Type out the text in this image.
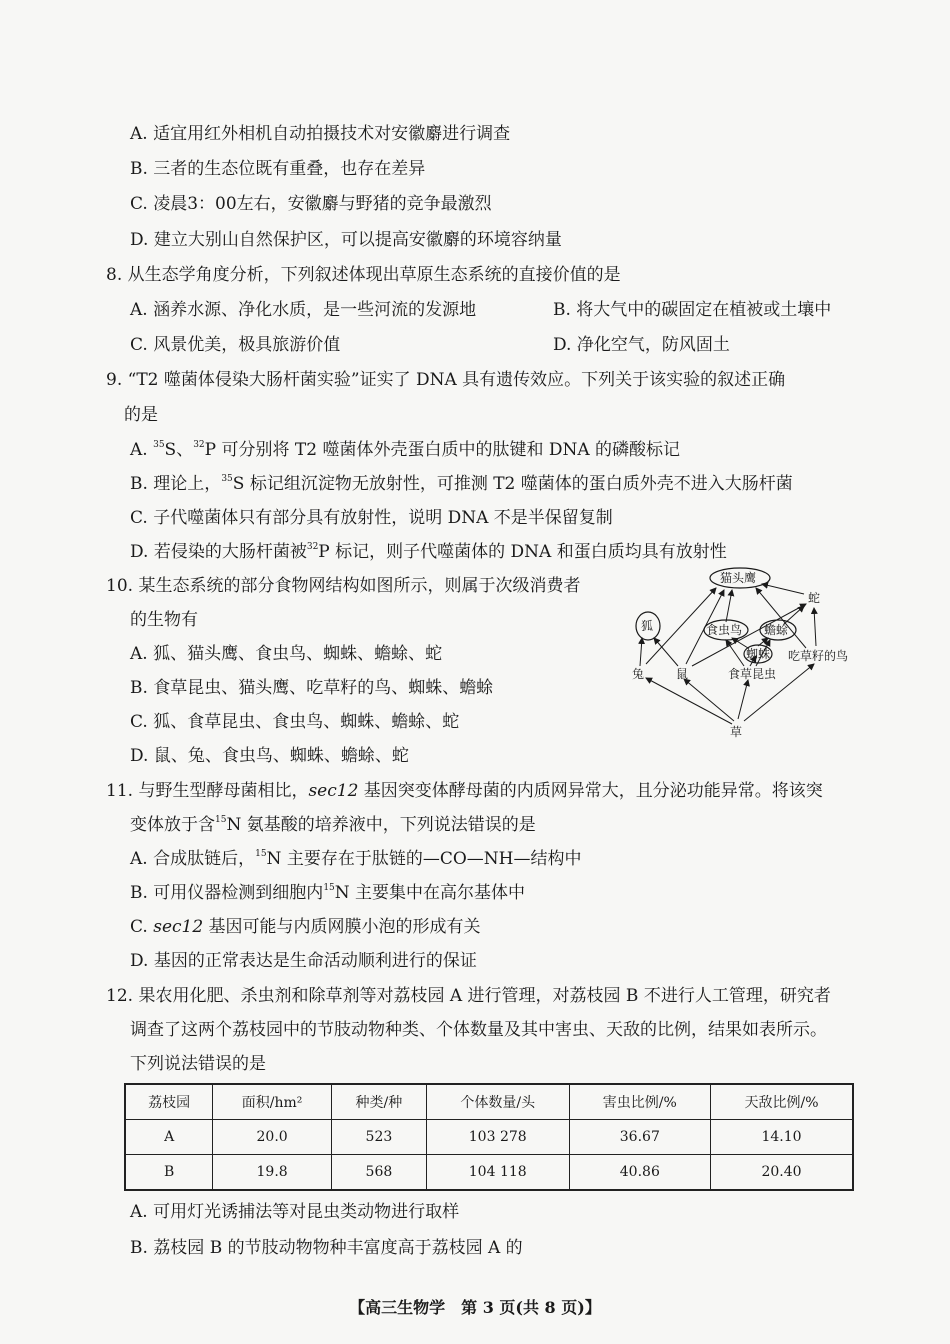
A. 适宜用红外相机自动拍摄技术对安徽麝进行调查
B. 三者的生态位既有重叠，也存在差异
C. 凌晨3：00左右，安徽麝与野猪的竞争最激烈
D. 建立大别山自然保护区，可以提高安徽麝的环境容纳量
8. 从生态学角度分析，下列叙述体现出草原生态系统的直接价值的是
A. 涵养水源、净化水质，是一些河流的发源地	B. 将大气中的碳固定在植被或土壤中
C. 风景优美，极具旅游价值	D. 净化空气，防风固土
9. “T2 噬菌体侵染大肠杆菌实验”证实了 DNA 具有遗传效应。下列关于该实验的叙述正确
的是
A. $^{35}$S、$^{32}$P 可分别将 T2 噬菌体外壳蛋白质中的肽键和 DNA 的磷酸标记
B. 理论上，$^{35}$S 标记组沉淀物无放射性，可推测 T2 噬菌体的蛋白质外壳不进入大肠杆菌
C. 子代噬菌体只有部分具有放射性，说明 DNA 不是半保留复制
D. 若侵染的大肠杆菌被$^{32}$P 标记，则子代噬菌体的 DNA 和蛋白质均具有放射性
10. 某生态系统的部分食物网结构如图所示，则属于次级消费者
的生物有
A. 狐、猫头鹰、食虫鸟、蜘蛛、蟾蜍、蛇
B. 食草昆虫、猫头鹰、吃草籽的鸟、蜘蛛、蟾蜍
C. 狐、食草昆虫、食虫鸟、蜘蛛、蟾蜍、蛇
D. 鼠、兔、食虫鸟、蜘蛛、蟾蜍、蛇
猫头鹰
蛇
狐	食虫鸟 蟾蜍
蜘蛛 吃草籽的鸟
兔	鼠	食草昆虫
草
11. 与野生型酵母菌相比，sec12 基因突变体酵母菌的内质网异常大，且分泌功能异常。将该突
变体放于含$^{15}$N 氨基酸的培养液中，下列说法错误的是
A. 合成肽链后，$^{15}$N 主要存在于肽链的—CO—NH—结构中
B. 可用仪器检测到细胞内$^{15}$N 主要集中在高尔基体中
C. sec12 基因可能与内质网膜小泡的形成有关
D. 基因的正常表达是生命活动顺利进行的保证
12. 果农用化肥、杀虫剂和除草剂等对荔枝园 A 进行管理，对荔枝园 B 不进行人工管理，研究者
调查了这两个荔枝园中的节肢动物种类、个体数量及其中害虫、天敌的比例，结果如表所示。
下列说法错误的是
荔枝园	面积/hm²	种类/种	个体数量/头	害虫比例/%	天敌比例/%
A	20.0	523	103 278	36.67	14.10
B	19.8	568	104 118	40.86	20.40
A. 可用灯光诱捕法等对昆虫类动物进行取样
B. 荔枝园 B 的节肢动物物种丰富度高于荔枝园 A 的
【高三生物学　第 3 页(共 8 页)】
